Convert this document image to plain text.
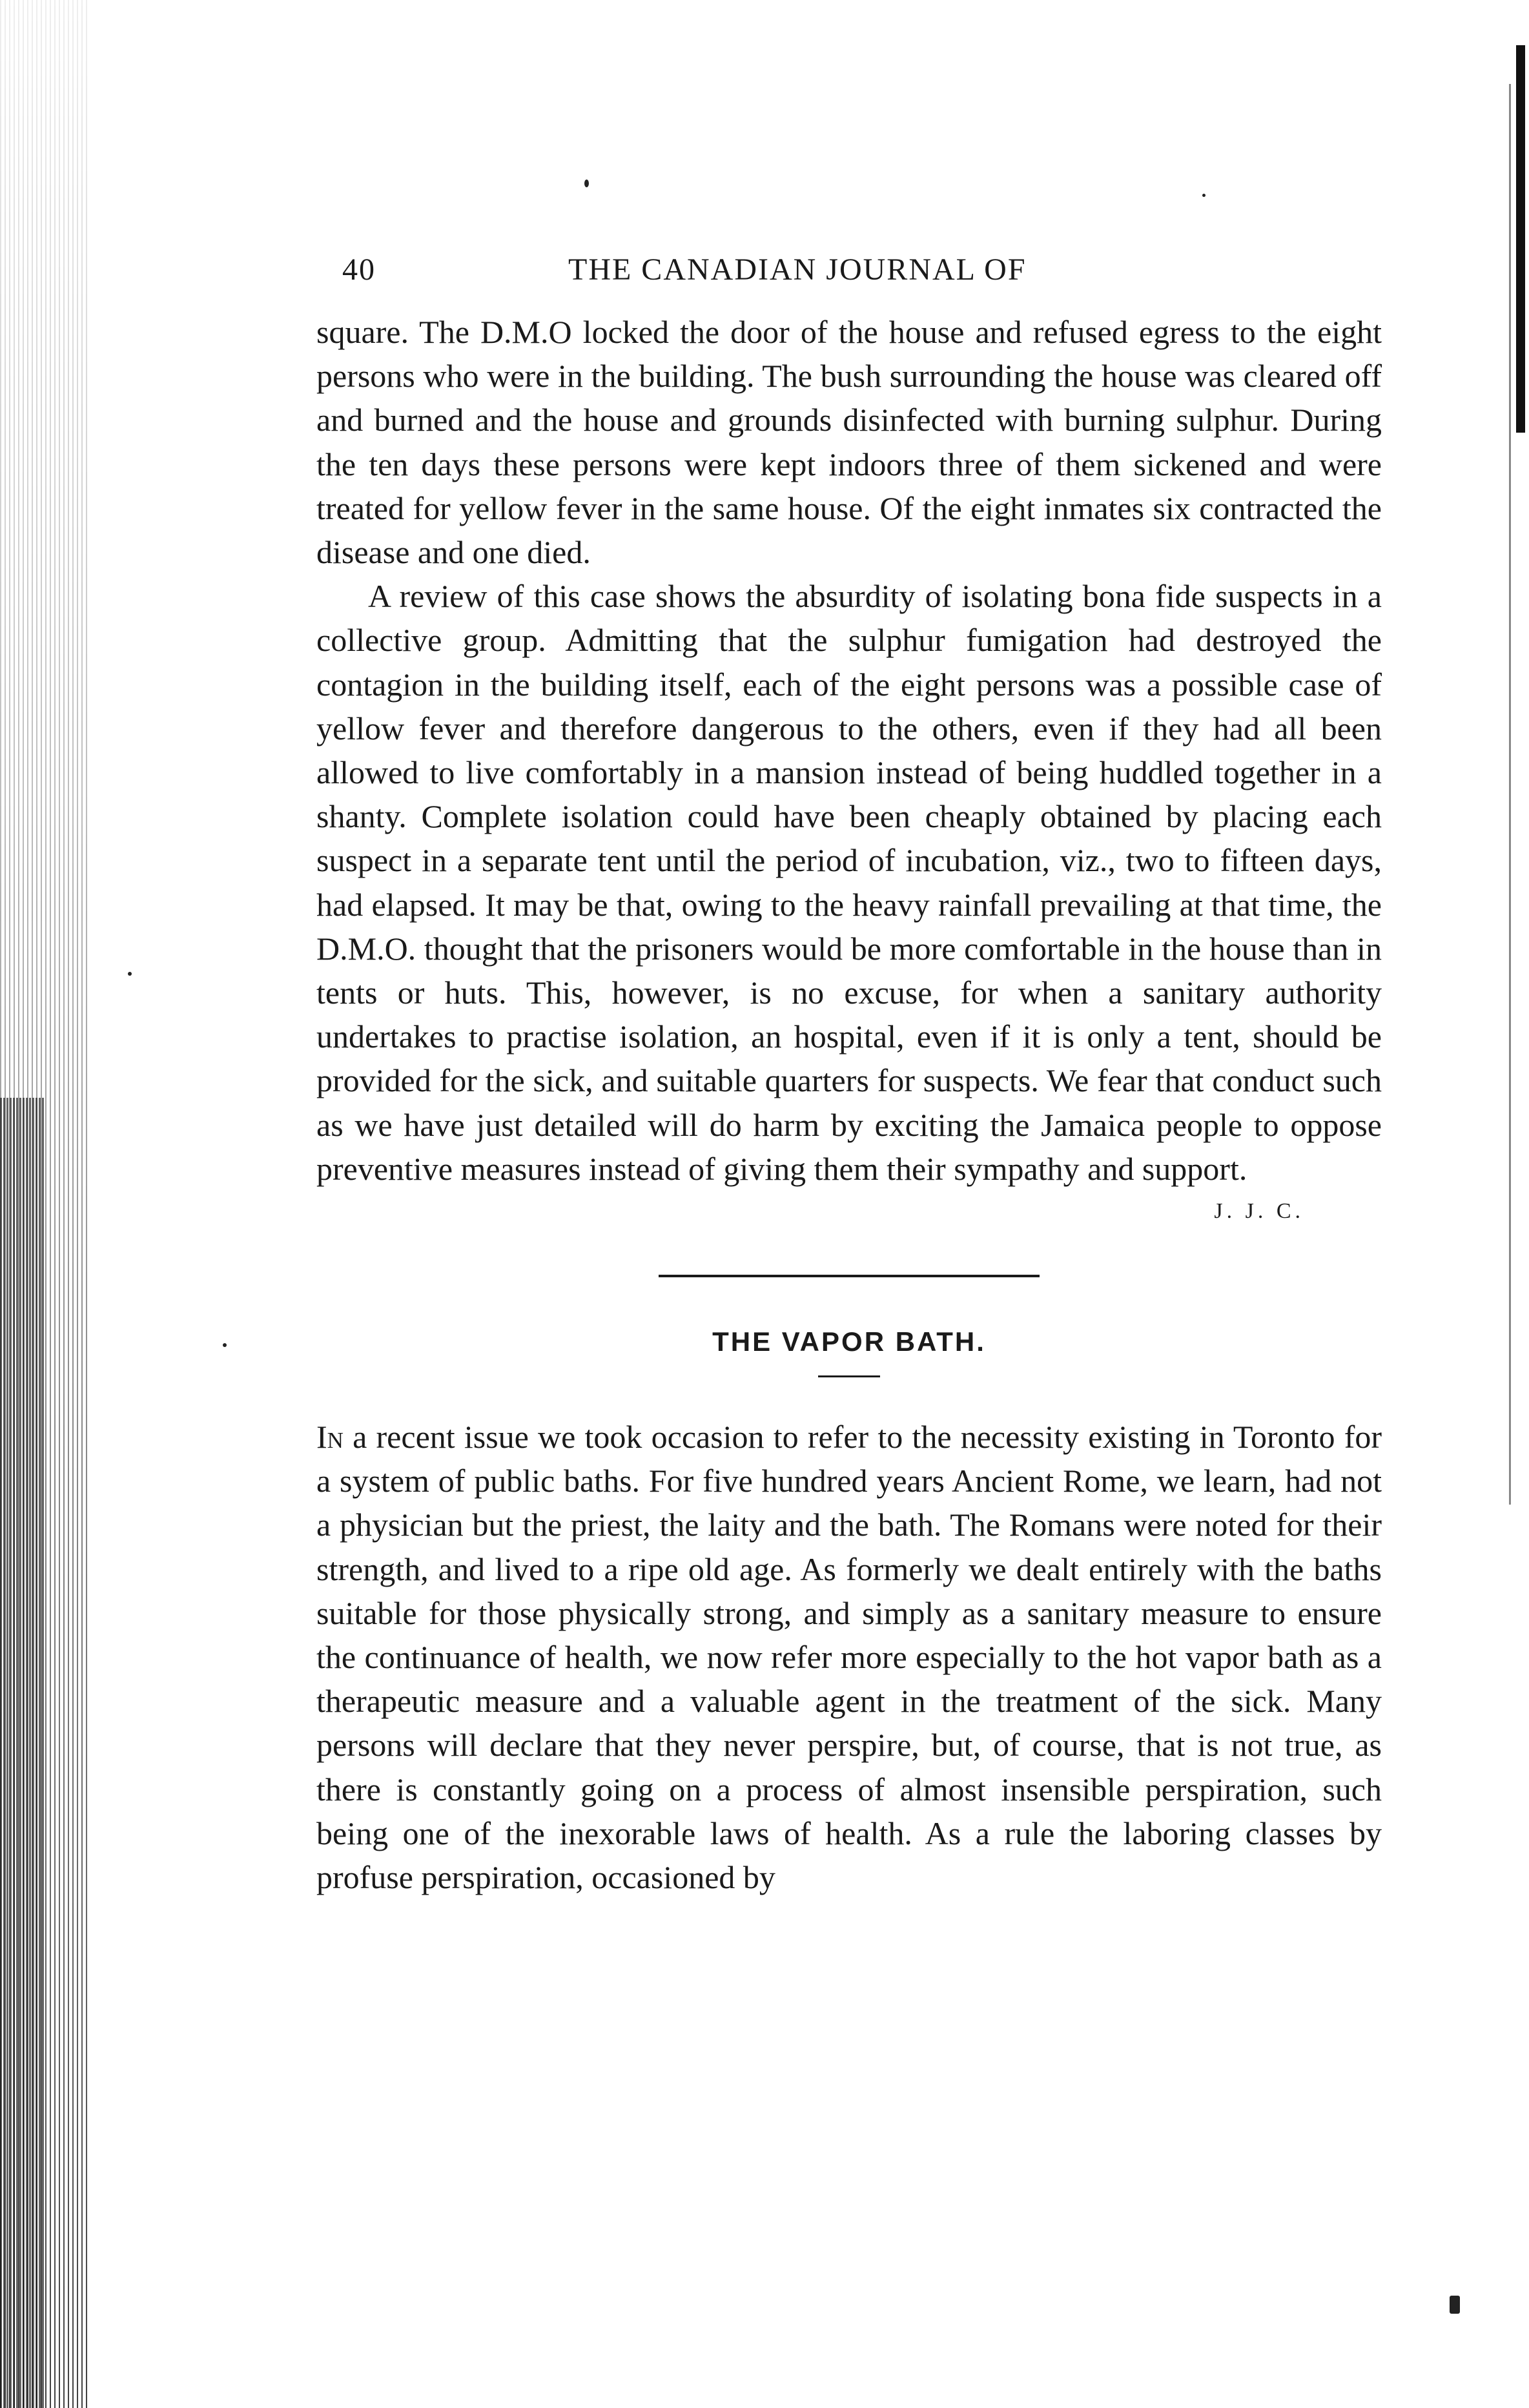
40	THE CANADIAN JOURNAL OF

square. The D.M.O locked the door of the house and refused egress to the eight persons who were in the building. The bush surrounding the house was cleared off and burned and the house and grounds disinfected with burning sulphur. During the ten days these persons were kept indoors three of them sickened and were treated for yellow fever in the same house. Of the eight inmates six contracted the disease and one died.

A review of this case shows the absurdity of isolating bona fide suspects in a collective group. Admitting that the sulphur fumigation had destroyed the contagion in the building itself, each of the eight persons was a possible case of yellow fever and therefore dangerous to the others, even if they had all been allowed to live comfortably in a mansion instead of being huddled together in a shanty. Complete isolation could have been cheaply obtained by placing each suspect in a separate tent until the period of incubation, viz., two to fifteen days, had elapsed. It may be that, owing to the heavy rainfall prevailing at that time, the D.M.O. thought that the prisoners would be more comfortable in the house than in tents or huts. This, however, is no excuse, for when a sanitary authority undertakes to practise isolation, an hospital, even if it is only a tent, should be provided for the sick, and suitable quarters for suspects. We fear that conduct such as we have just detailed will do harm by exciting the Jamaica people to oppose preventive measures instead of giving them their sympathy and support.

J. J. C.
THE VAPOR BATH.

In a recent issue we took occasion to refer to the necessity existing in Toronto for a system of public baths. For five hundred years Ancient Rome, we learn, had not a physician but the priest, the laity and the bath. The Romans were noted for their strength, and lived to a ripe old age. As formerly we dealt entirely with the baths suitable for those physically strong, and simply as a sanitary measure to ensure the continuance of health, we now refer more especially to the hot vapor bath as a therapeutic measure and a valuable agent in the treatment of the sick. Many persons will declare that they never perspire, but, of course, that is not true, as there is constantly going on a process of almost insensible perspiration, such being one of the inexorable laws of health. As a rule the laboring classes by profuse perspiration, occasioned by
